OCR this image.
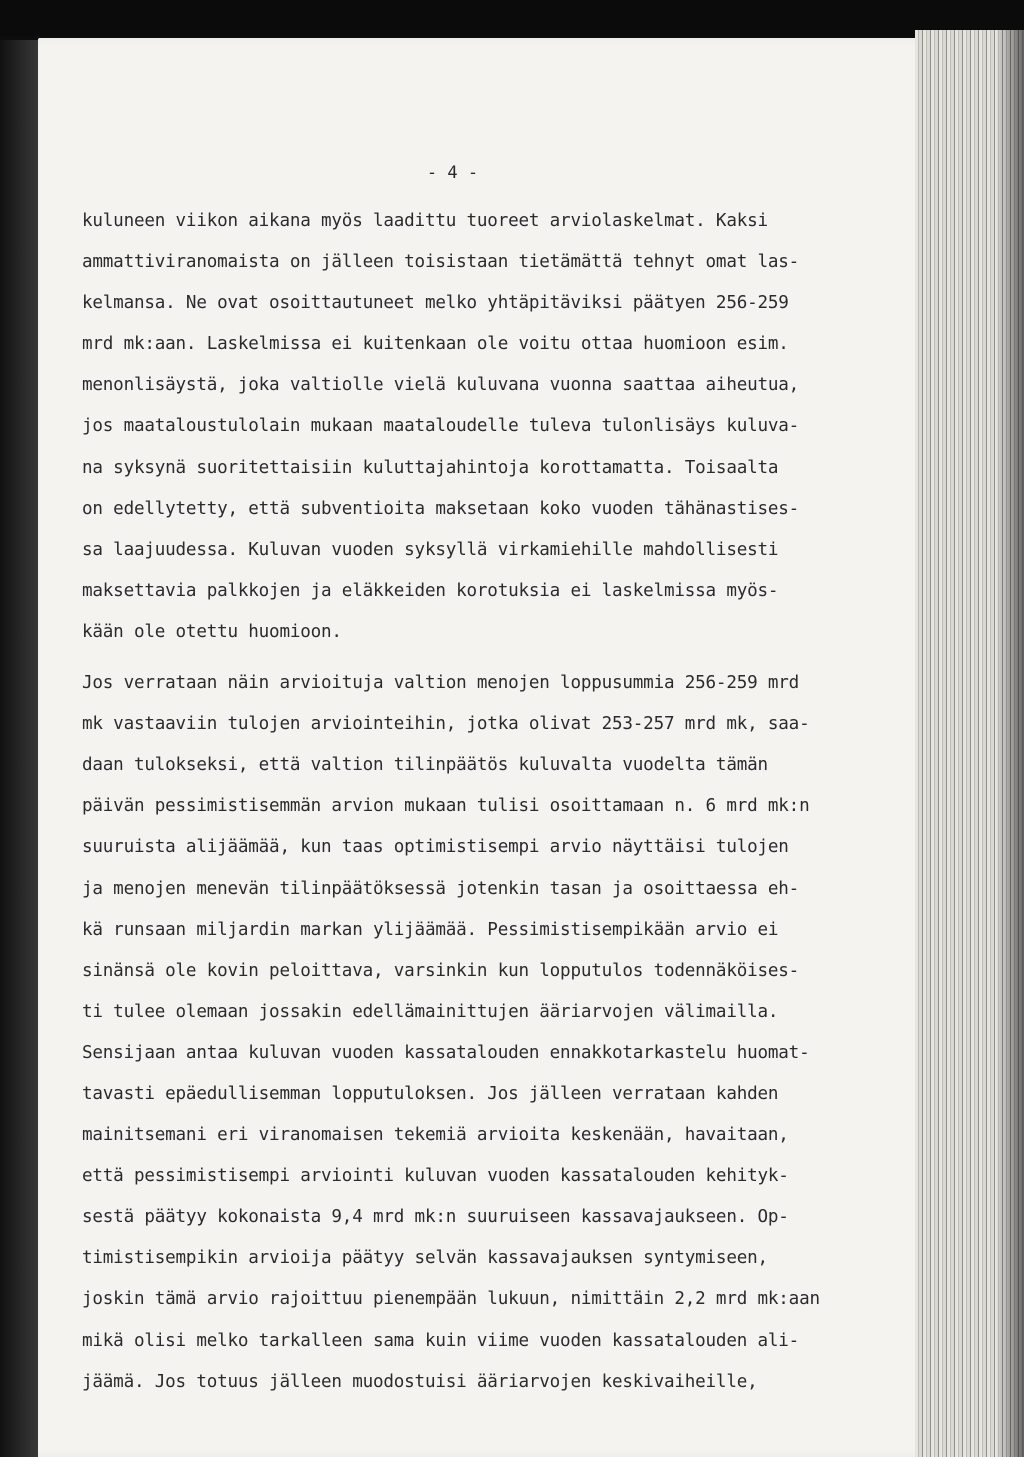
- 4 -

kuluneen viikon aikana myös laadittu tuoreet arviolaskelmat. Kaksi
ammattiviranomaista on jälleen toisistaan tietämättä tehnyt omat las-
kelmansa. Ne ovat osoittautuneet melko yhtäpitäviksi päätyen 256-259
mrd mk:aan. Laskelmissa ei kuitenkaan ole voitu ottaa huomioon esim.
menonlisäystä, joka valtiolle vielä kuluvana vuonna saattaa aiheutua,
jos maataloustulolain mukaan maataloudelle tuleva tulonlisäys kuluva-
na syksynä suoritettaisiin kuluttajahintoja korottamatta. Toisaalta
on edellytetty, että subventioita maksetaan koko vuoden tähänastises-
sa laajuudessa. Kuluvan vuoden syksyllä virkamiehille mahdollisesti
maksettavia palkkojen ja eläkkeiden korotuksia ei laskelmissa myös-
kään ole otettu huomioon.
Jos verrataan näin arvioituja valtion menojen loppusummia 256-259 mrd
mk vastaaviin tulojen arviointeihin, jotka olivat 253-257 mrd mk, saa-
daan tulokseksi, että valtion tilinpäätös kuluvalta vuodelta tämän
päivän pessimistisemmän arvion mukaan tulisi osoittamaan n. 6 mrd mk:n
suuruista alijäämää, kun taas optimistisempi arvio näyttäisi tulojen
ja menojen menevän tilinpäätöksessä jotenkin tasan ja osoittaessa eh-
kä runsaan miljardin markan ylijäämää. Pessimistisempikään arvio ei
sinänsä ole kovin peloittava, varsinkin kun lopputulos todennäköises-
ti tulee olemaan jossakin edellämainittujen ääriarvojen välimailla.
Sensijaan antaa kuluvan vuoden kassatalouden ennakkotarkastelu huomat-
tavasti epäedullisemman lopputuloksen. Jos jälleen verrataan kahden
mainitsemani eri viranomaisen tekemiä arvioita keskenään, havaitaan,
että pessimistisempi arviointi kuluvan vuoden kassatalouden kehityk-
sestä päätyy kokonaista 9,4 mrd mk:n suuruiseen kassavajaukseen. Op-
timistisempikin arvioija päätyy selvän kassavajauksen syntymiseen,
joskin tämä arvio rajoittuu pienempään lukuun, nimittäin 2,2 mrd mk:aan
mikä olisi melko tarkalleen sama kuin viime vuoden kassatalouden ali-
jäämä. Jos totuus jälleen muodostuisi ääriarvojen keskivaiheille,
